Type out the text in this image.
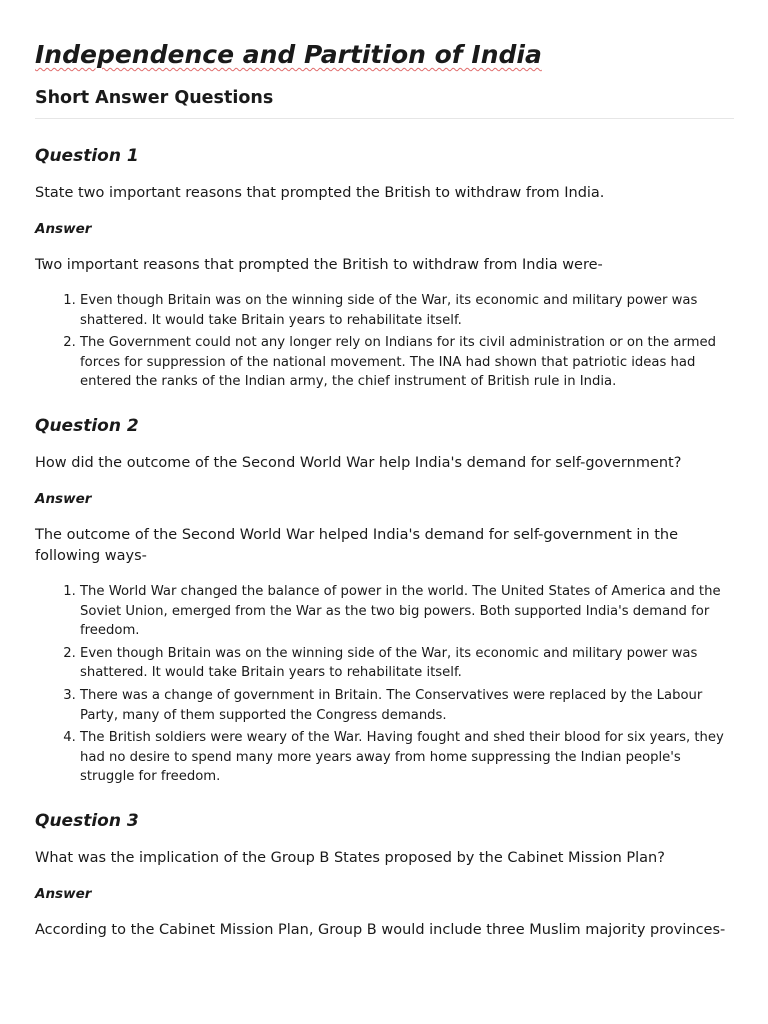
Independence and Partition of India
Short Answer Questions
Question 1

State two important reasons that prompted the British to withdraw from India.

Answer

Two important reasons that prompted the British to withdraw from India were-

1. Even though Britain was on the winning side of the War, its economic and military power was shattered. It would take Britain years to rehabilitate itself.
2. The Government could not any longer rely on Indians for its civil administration or on the armed forces for suppression of the national movement. The INA had shown that patriotic ideas had entered the ranks of the Indian army, the chief instrument of British rule in India.
Question 2

How did the outcome of the Second World War help India's demand for self-government?

Answer

The outcome of the Second World War helped India's demand for self-government in the following ways-

1. The World War changed the balance of power in the world. The United States of America and the Soviet Union, emerged from the War as the two big powers. Both supported India's demand for freedom.
2. Even though Britain was on the winning side of the War, its economic and military power was shattered. It would take Britain years to rehabilitate itself.
3. There was a change of government in Britain. The Conservatives were replaced by the Labour Party, many of them supported the Congress demands.
4. The British soldiers were weary of the War. Having fought and shed their blood for six years, they had no desire to spend many more years away from home suppressing the Indian people's struggle for freedom.
Question 3

What was the implication of the Group B States proposed by the Cabinet Mission Plan?

Answer

According to the Cabinet Mission Plan, Group B would include three Muslim majority provinces-
